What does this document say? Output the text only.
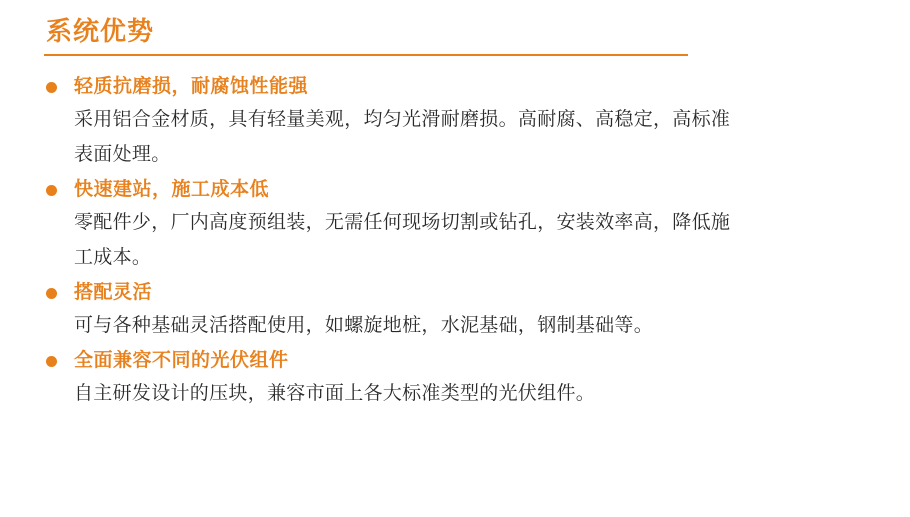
系统优势

轻质抗磨损，耐腐蚀性能强

采用铝合金材质，具有轻量美观，均匀光滑耐磨损。高耐腐、高稳定，高标准表面处理。

快速建站，施工成本低

零配件少，厂内高度预组装，无需任何现场切割或钻孔，安装效率高，降低施工成本。

搭配灵活

可与各种基础灵活搭配使用，如螺旋地桩，水泥基础，钢制基础等。

全面兼容不同的光伏组件

自主研发设计的压块，兼容市面上各大标准类型的光伏组件。
